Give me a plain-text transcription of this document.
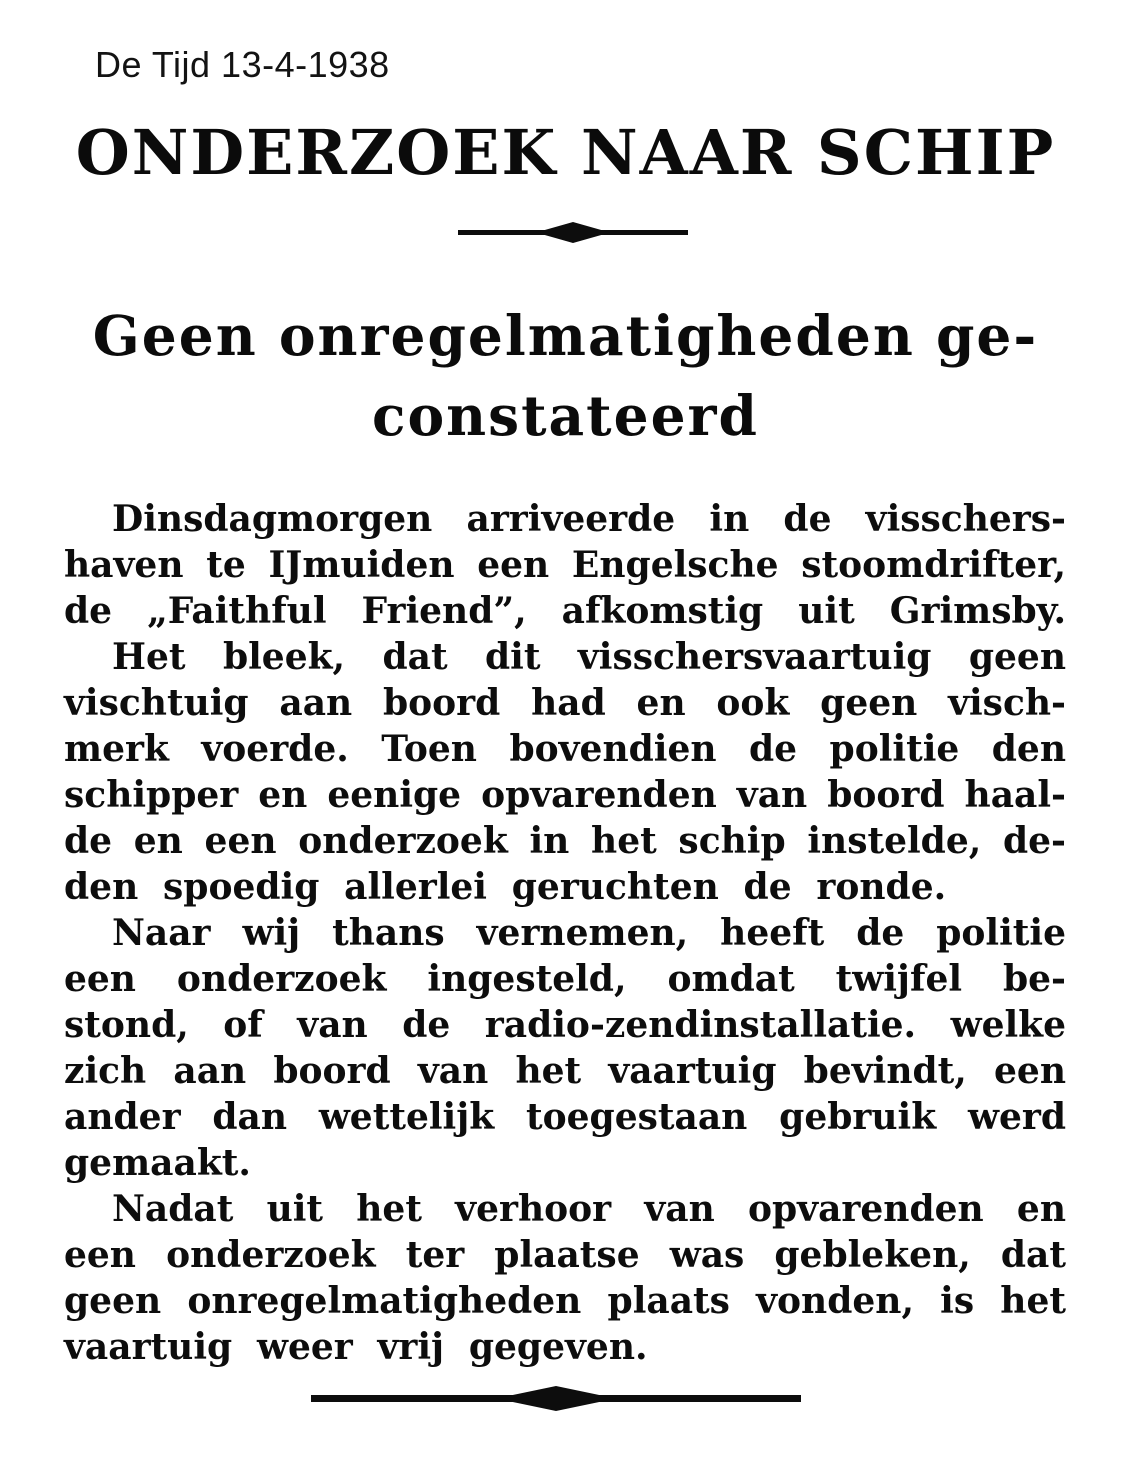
De Tijd 13-4-1938
ONDERZOEK NAAR SCHIP
Geen onregelmatigheden ge-
constateerd
Dinsdagmorgen arriveerde in de visschers-
haven te IJmuiden een Engelsche stoomdrifter,
de „Faithful Friend”, afkomstig uit Grimsby.
Het bleek, dat dit visschersvaartuig geen
vischtuig aan boord had en ook geen visch-
merk voerde. Toen bovendien de politie den
schipper en eenige opvarenden van boord haal-
de en een onderzoek in het schip instelde, de-
den spoedig allerlei geruchten de ronde.
Naar wij thans vernemen, heeft de politie
een onderzoek ingesteld, omdat twijfel be-
stond, of van de radio-zendinstallatie. welke
zich aan boord van het vaartuig bevindt, een
ander dan wettelijk toegestaan gebruik werd
gemaakt.
Nadat uit het verhoor van opvarenden en
een onderzoek ter plaatse was gebleken, dat
geen onregelmatigheden plaats vonden, is het
vaartuig weer vrij gegeven.
